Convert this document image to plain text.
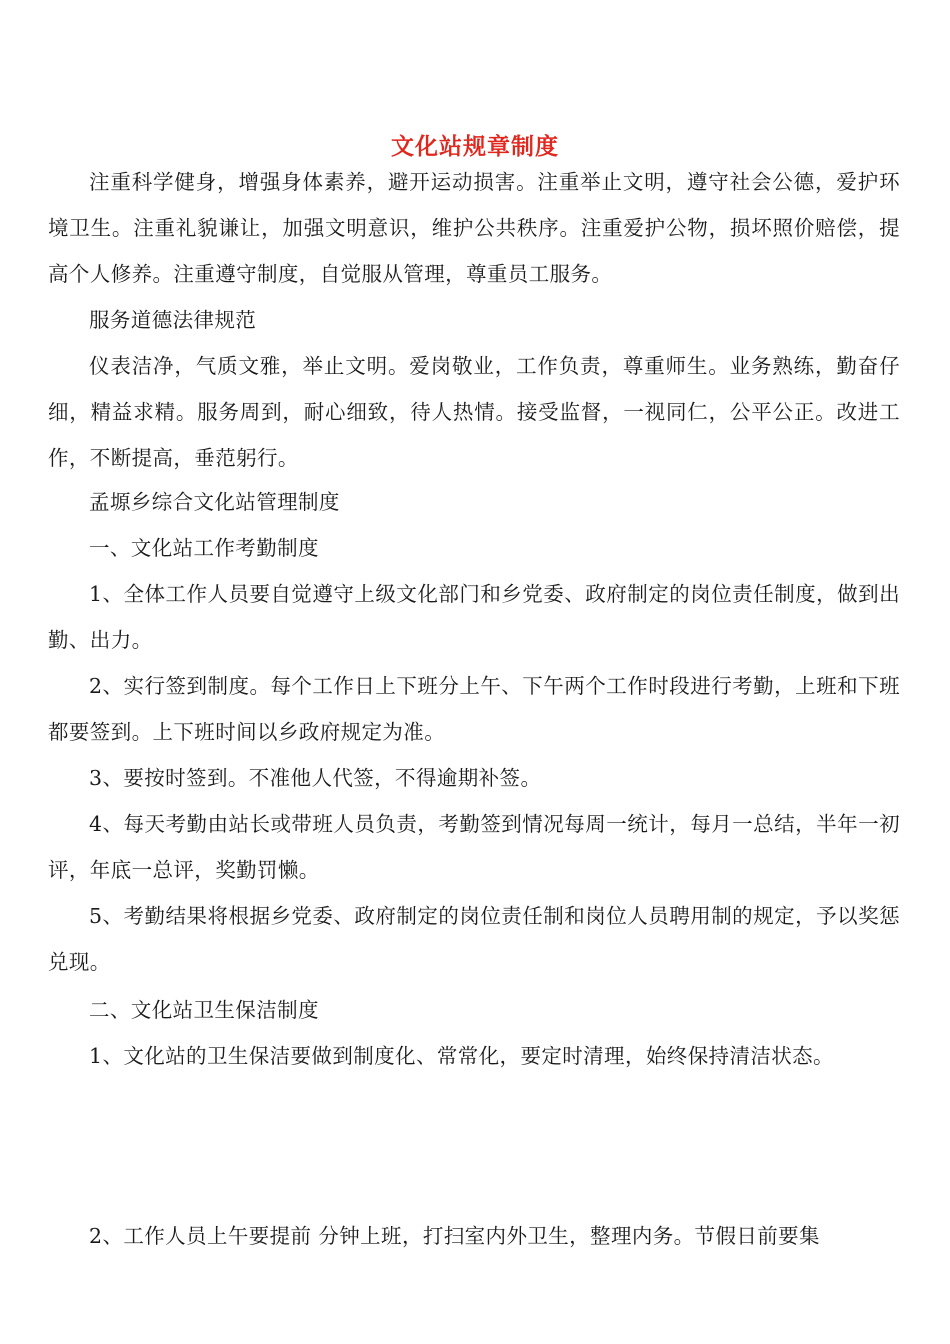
文化站规章制度

注重科学健身，增强身体素养，避开运动损害。注重举止文明，遵守社会公德，爱护环境卫生。注重礼貌谦让，加强文明意识，维护公共秩序。注重爱护公物，损坏照价赔偿，提高个人修养。注重遵守制度，自觉服从管理，尊重员工服务。

服务道德法律规范

仪表洁净，气质文雅，举止文明。爱岗敬业，工作负责，尊重师生。业务熟练，勤奋仔细，精益求精。服务周到，耐心细致，待人热情。接受监督，一视同仁，公平公正。改进工作，不断提高，垂范躬行。

孟塬乡综合文化站管理制度

一、文化站工作考勤制度

1、全体工作人员要自觉遵守上级文化部门和乡党委、政府制定的岗位责任制度，做到出勤、出力。

2、实行签到制度。每个工作日上下班分上午、下午两个工作时段进行考勤，上班和下班都要签到。上下班时间以乡政府规定为准。

3、要按时签到。不准他人代签，不得逾期补签。

4、每天考勤由站长或带班人员负责，考勤签到情况每周一统计，每月一总结，半年一初评，年底一总评，奖勤罚懒。

5、考勤结果将根据乡党委、政府制定的岗位责任制和岗位人员聘用制的规定，予以奖惩兑现。

二、文化站卫生保洁制度

1、文化站的卫生保洁要做到制度化、常常化，要定时清理，始终保持清洁状态。

2、工作人员上午要提前 分钟上班，打扫室内外卫生，整理内务。节假日前要集
